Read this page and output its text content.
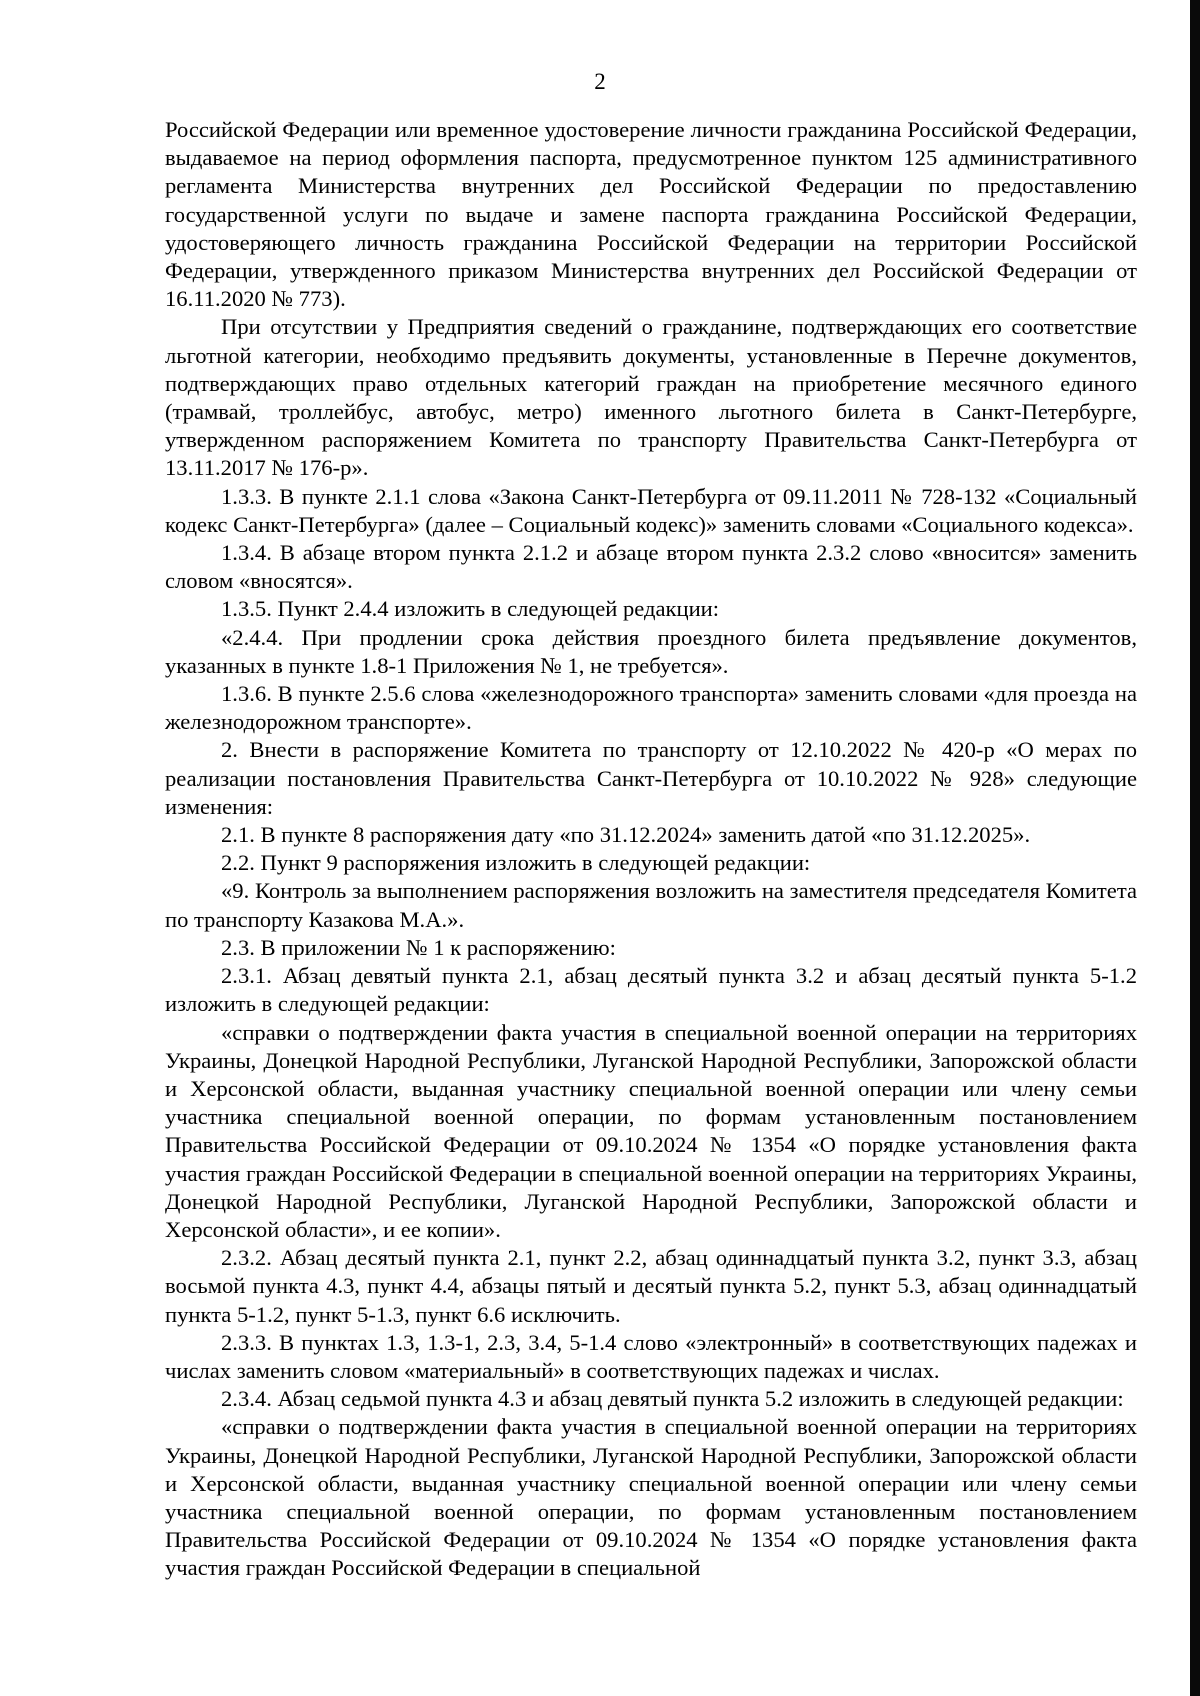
2

Российской Федерации или временное удостоверение личности гражданина Российской Федерации, выдаваемое на период оформления паспорта, предусмотренное пунктом 125 административного регламента Министерства внутренних дел Российской Федерации по предоставлению государственной услуги по выдаче и замене паспорта гражданина Российской Федерации, удостоверяющего личность гражданина Российской Федерации на территории Российской Федерации, утвержденного приказом Министерства внутренних дел Российской Федерации от 16.11.2020 № 773).

При отсутствии у Предприятия сведений о гражданине, подтверждающих его соответствие льготной категории, необходимо предъявить документы, установленные в Перечне документов, подтверждающих право отдельных категорий граждан на приобретение месячного единого (трамвай, троллейбус, автобус, метро) именного льготного билета в Санкт-Петербурге, утвержденном распоряжением Комитета по транспорту Правительства Санкт-Петербурга от 13.11.2017 № 176-р».

1.3.3. В пункте 2.1.1 слова «Закона Санкт-Петербурга от 09.11.2011 № 728-132 «Социальный кодекс Санкт-Петербурга» (далее – Социальный кодекс)» заменить словами «Социального кодекса».

1.3.4. В абзаце втором пункта 2.1.2 и абзаце втором пункта 2.3.2 слово «вносится» заменить словом «вносятся».

1.3.5. Пункт 2.4.4 изложить в следующей редакции:

«2.4.4. При продлении срока действия проездного билета предъявление документов, указанных в пункте 1.8-1 Приложения № 1, не требуется».

1.3.6. В пункте 2.5.6 слова «железнодорожного транспорта» заменить словами «для проезда на железнодорожном транспорте».

2. Внести в распоряжение Комитета по транспорту от 12.10.2022 № 420-р «О мерах по реализации постановления Правительства Санкт-Петербурга от 10.10.2022 № 928» следующие изменения:

2.1. В пункте 8 распоряжения дату «по 31.12.2024» заменить датой «по 31.12.2025».

2.2. Пункт 9 распоряжения изложить в следующей редакции:

«9. Контроль за выполнением распоряжения возложить на заместителя председателя Комитета по транспорту Казакова М.А.».

2.3. В приложении № 1 к распоряжению:

2.3.1. Абзац девятый пункта 2.1, абзац десятый пункта 3.2 и абзац десятый пункта 5-1.2 изложить в следующей редакции:

«справки о подтверждении факта участия в специальной военной операции на территориях Украины, Донецкой Народной Республики, Луганской Народной Республики, Запорожской области и Херсонской области, выданная участнику специальной военной операции или члену семьи участника специальной военной операции, по формам установленным постановлением Правительства Российской Федерации от 09.10.2024 № 1354 «О порядке установления факта участия граждан Российской Федерации в специальной военной операции на территориях Украины, Донецкой Народной Республики, Луганской Народной Республики, Запорожской области и Херсонской области», и ее копии».

2.3.2. Абзац десятый пункта 2.1, пункт 2.2, абзац одиннадцатый пункта 3.2, пункт 3.3, абзац восьмой пункта 4.3, пункт 4.4, абзацы пятый и десятый пункта 5.2, пункт 5.3, абзац одиннадцатый пункта 5-1.2, пункт 5-1.3, пункт 6.6 исключить.

2.3.3. В пунктах 1.3, 1.3-1, 2.3, 3.4, 5-1.4 слово «электронный» в соответствующих падежах и числах заменить словом «материальный» в соответствующих падежах и числах.

2.3.4. Абзац седьмой пункта 4.3 и абзац девятый пункта 5.2 изложить в следующей редакции:

«справки о подтверждении факта участия в специальной военной операции на территориях Украины, Донецкой Народной Республики, Луганской Народной Республики, Запорожской области и Херсонской области, выданная участнику специальной военной операции или члену семьи участника специальной военной операции, по формам установленным постановлением Правительства Российской Федерации от 09.10.2024 № 1354 «О порядке установления факта участия граждан Российской Федерации в специальной
